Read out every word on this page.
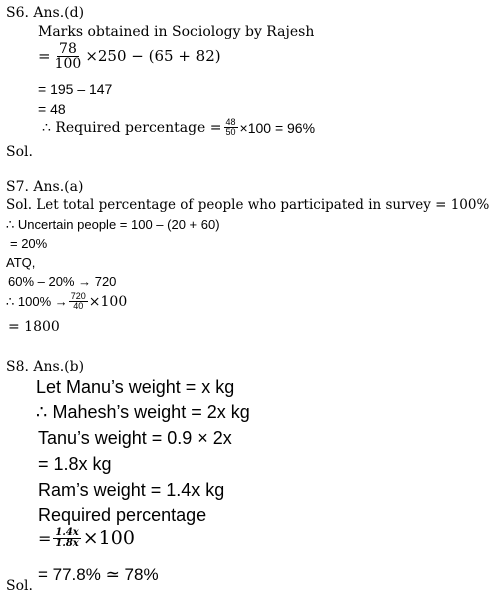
S6. Ans.(d)
Marks obtained in Sociology by Rajesh
= $\frac{78}{100} \times 250 - (65 + 82)$
= 195 – 147
= 48
∴ Required percentage = $\frac{48}{50} \times 100 = 96\%$
Sol.
S7. Ans.(a)
Sol. Let total percentage of people who participated in survey = 100%
∴ Uncertain people = 100 – (20 + 60)
= 20%
ATQ,
60% – 20% → 720
∴ $100\% \to \frac{720}{40} \times 100$
= 1800
S8. Ans.(b)
Let Manu’s weight = x kg
∴ Mahesh’s weight = 2x kg
Tanu’s weight = 0.9 × 2x
= 1.8x kg
Ram’s weight = 1.4x kg
Required percentage
= $\frac{1.4x}{1.8x} \times 100$
= 77.8% ≃ 78%
Sol.
